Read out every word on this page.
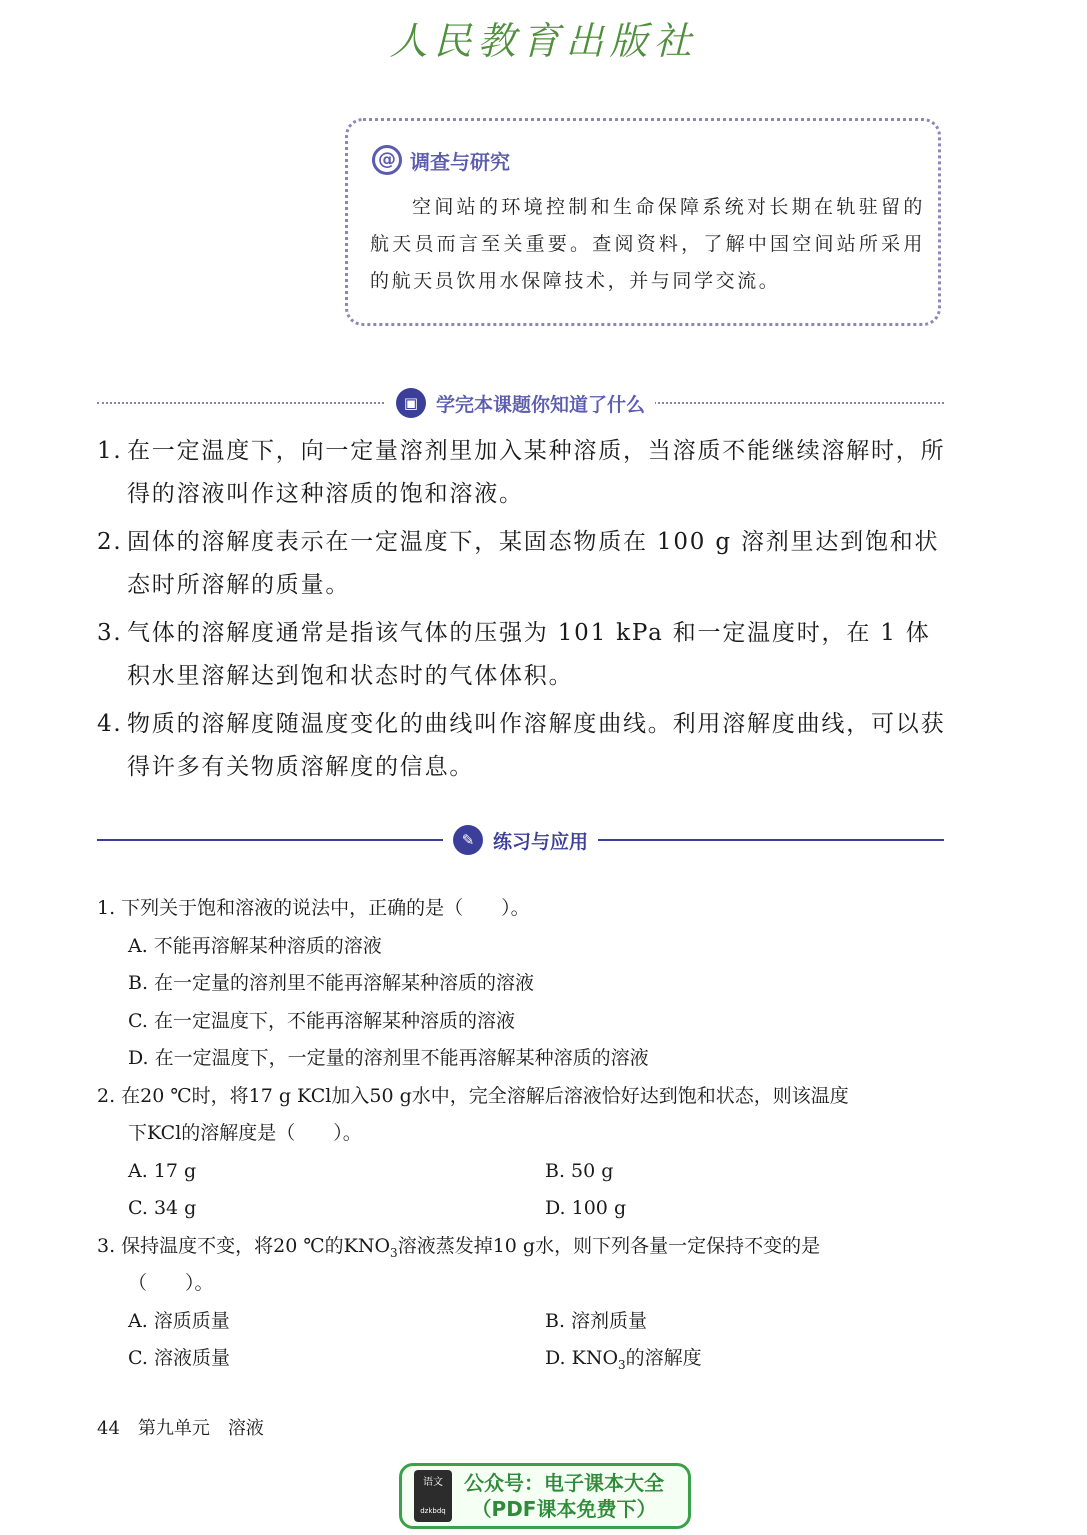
人民教育出版社
@ 调查与研究
空间站的环境控制和生命保障系统对长期在轨驻留的航天员而言至关重要。查阅资料，了解中国空间站所采用的航天员饮用水保障技术，并与同学交流。
▣ 学完本课题你知道了什么
1. 在一定温度下，向一定量溶剂里加入某种溶质，当溶质不能继续溶解时，所得的溶液叫作这种溶质的饱和溶液。
2. 固体的溶解度表示在一定温度下，某固态物质在 100 g 溶剂里达到饱和状态时所溶解的质量。
3. 气体的溶解度通常是指该气体的压强为 101 kPa 和一定温度时，在 1 体积水里溶解达到饱和状态时的气体体积。
4. 物质的溶解度随温度变化的曲线叫作溶解度曲线。利用溶解度曲线，可以获得许多有关物质溶解度的信息。
✎ 练习与应用
1. 下列关于饱和溶液的说法中，正确的是（　　）。
A. 不能再溶解某种溶质的溶液
B. 在一定量的溶剂里不能再溶解某种溶质的溶液
C. 在一定温度下，不能再溶解某种溶质的溶液
D. 在一定温度下，一定量的溶剂里不能再溶解某种溶质的溶液
2. 在20 ℃时，将17 g KCl加入50 g水中，完全溶解后溶液恰好达到饱和状态，则该温度
下KCl的溶解度是（　　）。
A. 17 g	B. 50 g
C. 34 g	D. 100 g
3. 保持温度不变，将20 ℃的$KNO_3$溶液蒸发掉10 g水，则下列各量一定保持不变的是
（　　）。
A. 溶质质量	B. 溶剂质量
C. 溶液质量	D. $KNO_3$的溶解度
44 第九单元 溶液
语文
dzkbdq
公众号：电子课本大全
（PDF课本免费下）
